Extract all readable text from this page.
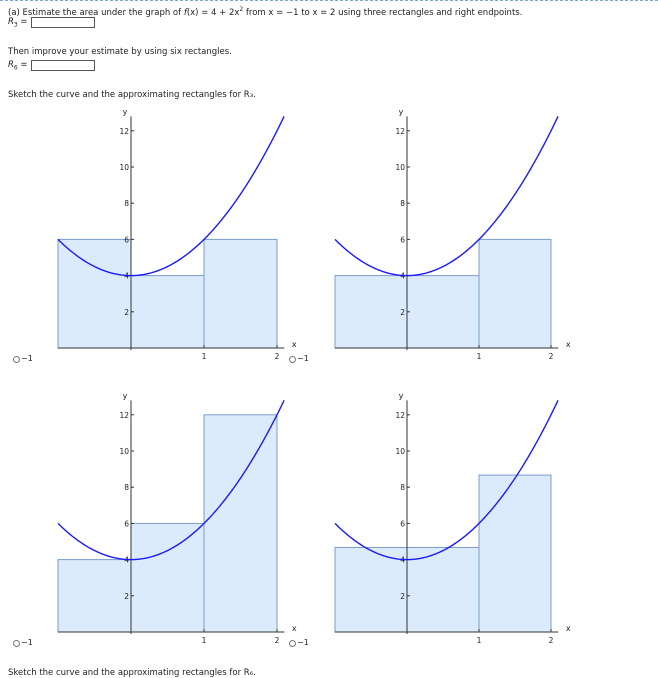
(a) Estimate the area under the graph of $f(x) = 4 + 2x^2$ from x = −1 to x = 2 using three rectangles and right endpoints.
$R_3$ =
Then improve your estimate by using six rectangles.
$R_6$ =
Sketch the curve and the approximating rectangles for R₃.
−1	−1
−1	−1
2
4
6
8
10
12
y
1	2
x
2
4
6
8
10
12
y
1	2
x
2
4
6
8
10
12
y
1	2
x
2
4
6
8
10
12
y
1	2
x
Sketch the curve and the approximating rectangles for R₆.
